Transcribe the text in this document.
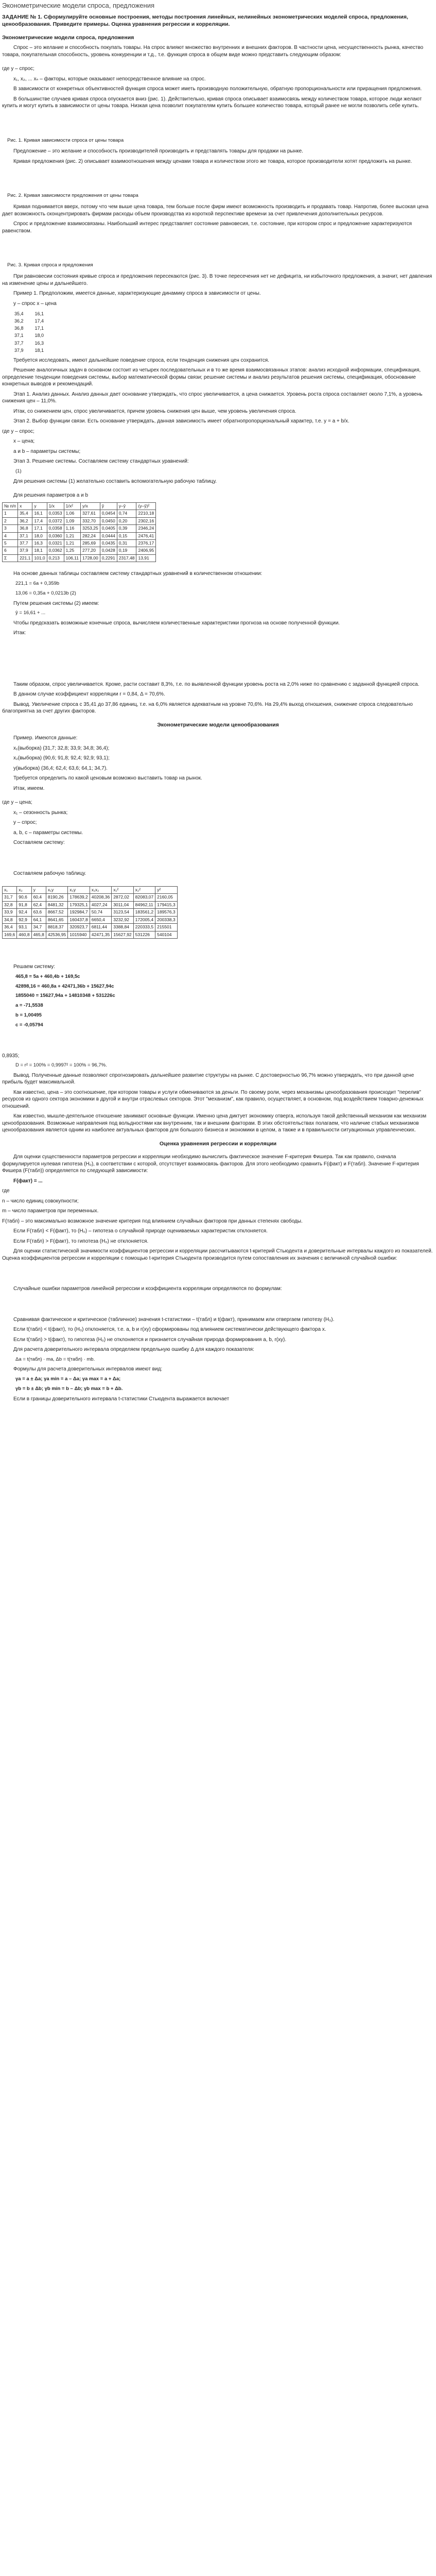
Эконометрические модели спроса, предложения
ЗАДАНИЕ № 1. Сформулируйте основные построения, методы построения линейных, нелинейных эконометрических моделей спроса, предложения, ценообразования. Приведите примеры. Оценка уравнения регрессии и корреляции.
Эконометрические модели спроса, предложения

Спрос – это желание и способность покупать товары. На спрос влияют множество внутренних и внешних факторов. В частности цена, несущественность рынка, качество товара, покупательная способность, уровень конкуренции и т.д., т.е. функция спроса в общем виде можно представить следующим образом:

где y – спрос;

x₁, x₂, ... xₙ – факторы, которые оказывают непосредственное влияние на спрос.

В зависимости от конкретных объективностей функция спроса может иметь производную положительную, обратную пропорциональности или приращения предложения.

В большинстве случаев кривая спроса опускается вниз (рис. 1). Действительно, кривая спроса описывает взаимосвязь между количеством товара, которое люди желают купить и могут купить в зависимости от цены товара. Низкая цена позволит покупателям купить большее количество товара, который ранее не могли позволить себе купить.

Рис. 1. Кривая зависимости спроса от цены товара

Предложение – это желание и способность производителей производить и представлять товары для продажи на рынке.

Кривая предложения (рис. 2) описывает взаимоотношения между ценами товара и количеством этого же товара, которое производители хотят предложить на рынке.

Рис. 2. Кривая зависимости предложения от цены товара

Кривая поднимается вверх, потому что чем выше цена товара, тем больше после фирм имеют возможность производить и продавать товар. Напротив, более высокая цена дает возможность сконцентрировать фирмам расходы объем производства из короткой перспективе времени за счет привлечения дополнительных ресурсов.

Спрос и предложение взаимосвязаны. Наибольший интерес представляет состояние равновесия, т.е. состояние, при котором спрос и предложение характеризуются равенством.

Рис. 3. Кривая спроса и предложения

При равновесии состояния кривые спроса и предложения пересекаются (рис. 3). В точке пересечения нет не дефицита, ни избыточного предложения, а значит, нет давления на изменение цены и дальнейшего.

Пример 1. Предположим, имеется данные, характеризующие динамику спроса в зависимости от цены.

y – спрос x – цена

35,4	16,1
36,2	17,4
36,8	17,1
37,1	18,0
37,7	16,3
37,9	18,1

Требуется исследовать, имеют дальнейшие поведение спроса, если тенденция снижения цен сохранится.

Решение аналогичных задач в основном состоит из четырех последовательных и в то же время взаимосвязанных этапов: анализ исходной информации, спецификация, определение тенденции поведения системы, выбор математической формы связи; решение системы и анализ результатов решения системы, спецификация, обоснование конкретных выводов и рекомендаций.

Этап 1. Анализ данных. Анализ данных дает основание утверждать, что спрос увеличивается, а цена снижается. Уровень роста спроса составляет около 7,1%, а уровень снижения цен – 11,0%.

Итак, со снижением цен, спрос увеличивается, причем уровень снижения цен выше, чем уровень увеличения спроса.

Этап 2. Выбор функции связи. Есть основание утверждать, данная зависимость имеет обратнопропорциональный характер, т.е. y = a + b/x.

где y – спрос;

x – цена;

a и b – параметры системы;

Этап 3. Решение системы. Составляем систему стандартных уравнений:

(1)

Для решения системы (1) желательно составить вспомогательную рабочую таблицу.

Для решения параметров a и b

№ п/п	x	y	1/x	1/x²	y/x	ŷ	y–ŷ	(y–ŷ)²
1	35,4	16,1	0,0353	1,06	327,61	0,0454	0,74	2210,18
2	36,2	17,4	0,0372	1,09	332,70	0,0450	0,20	2302,16
3	36,8	17,1	0,0358	1,16	3253,25	0,0405	0,39	2346,24
4	37,1	18,0	0,0360	1,21	282,24	0,0444	0,15	2476,41
5	37,7	16,3	0,0321	1,21	285,69	0,0435	0,31	2376,17
6	37,9	18,1	0,0362	1,25	277,20	0,0428	0,19	2406,95
Σ	221,1	101,0	0,213	106,11	1728,00	0,2291	2317,48	13,91

На основе данных таблицы составляем систему стандартных уравнений в количественном отношении:

221,1 = 6a + 0,359b

13,06 = 0,35a + 0,0213b (2)

Путем решения системы (2) имеем:

ŷ = 16,61 + ...

Чтобы предсказать возможные конечные спроса, вычисляем количественные характеристики прогноза на основе полученной функции.

Итак:

Таким образом, спрос увеличивается. Кроме, расти составит 8,3%, т.е. по выявленной функции уровень роста на 2,0% ниже по сравнению с заданной функцией спроса.

В данном случае коэффициент корреляции r = 0,84, Δ = 70,6%.

Вывод. Увеличение спроса с 35,41 до 37,86 единиц, т.е. на 6,0% является адекватным на уровне 70,6%. На 29,4% выход отношения, снижение спроса следовательно благоприятна за счет других факторов.

Эконометрические модели ценообразования

Пример. Имеются данные:

x₁(выборка) (31,7; 32,8; 33,9; 34,8; 36,4);

x₂(выборка) (90,6; 91,8; 92,4; 92,9; 93,1);

y(выборка) (36,4; 62,4; 63,6; 64,1; 34,7).

Требуется определить по какой ценовым возможно выставить товар на рынок.

Итак, имеем.

где y – цена;

x₁ – сезонность рынка;

y – спрос;

a, b, c – параметры системы.

Составляем систему:

Составляем рабочую таблицу.

x₁	x₂	y	x₁y	x₂y	x₁x₂	x₁²	x₂²	y²
31,7	90,6	60,4	8190,26	178639,2	40208,36	2872,02	82083,07	2160,05
32,8	91,8	62,4	8481,32	179325,1	4027,24	3011,04	84962,11	179415,3
33,9	92,4	63,6	8667,52	192984,7	50,74	3123,54	183561,2	189576,3
34,8	92,9	64,1	8641,65	160437,8	6650,4	3232,92	172005,4	200338,3
36,4	93,1	34,7	8818,37	320923,7	6811,44	3388,84	220333,5	215501
169,6	460,8	465,8	42536,95	1015940	42471,35	15627,92	531226	540104

Решаем систему:

465,8 = 5a + 460,4b + 169,5c

42898,16 = 460,8a + 42471,36b + 15627,94c

1855040 = 15627,94a + 14810348 + 531226c

a = -71,5538

b = 1,00495

c = -0,05794

0,8935;

D = r² = 100% = 0,9997² = 100% = 96,7%.

Вывод. Полученные данные позволяют спрогнозировать дальнейшее развитие структуры на рынке. С достоверностью 96,7% можно утверждать, что при данной цене прибыль будет максимальной.

Как известно, цена – это соотношение, при котором товары и услуги обмениваются за деньги. По своему роли, через механизмы ценообразования происходит "перелив" ресурсов из одного сектора экономики в другой и внутри отраслевых секторов. Этот "механизм", как правило, осуществляет, в основном, под воздействием товарно-денежных отношений.

Как известно, мышле-деятельное отношение занимают основные функции. Именно цена диктует экономику отверга, используя такой действенный механизм как механизм ценообразования. Возможные направления под вольдностями как внутренним, так и внешним факторам. В этих обстоятельствах полагаем, что наличие стабых механизмов ценообразования является одним из наиболее актуальных факторов для большого бизнеса и экономики в целом, а также и в правильности ситуационных управленческих.

Оценка уравнения регрессии и корреляции

Для оценки существенности параметров регрессии и корреляции необходимо вычислить фактическое значение F-критерия Фишера. Так как правило, сначала формулируется нулевая гипотеза (H₀), в соответствии с которой, отсутствует взаимосвязь факторов. Для этого необходимо сравнить F(факт) и F(табл). Значение F-критерия Фишера (F(табл)) определяется по следующей зависимости:

F(факт) = ...

где

n – число единиц совокупности;

m – число параметров при переменных.

F(табл) – это максимально возможное значение критерия под влиянием случайных факторов при данных степенях свободы.

Если F(табл) < F(факт), то (H₀) – гипотеза о случайной природе оцениваемых характеристик отклоняется.

Если F(табл) > F(факт), то гипотеза (H₀) не отклоняется.

Для оценки статистической значимости коэффициентов регрессии и корреляции рассчитываются t-критерий Стьюдента и доверительные интервалы каждого из показателей. Оценка коэффициентов регрессии и корреляции с помощью t-критерия Стьюдента производится путем сопоставления их значения с величиной случайной ошибки:

Случайные ошибки параметров линейной регрессии и коэффициента корреляции определяются по формулам:

Сравнивая фактическое и критическое (табличное) значения t-статистики – t(табл) и t(факт), принимаем или отвергаем гипотезу (H₀).

Если t(табл) < t(факт), то (H₀) отклоняется, т.е. a, b и r(xy) сформированы под влиянием систематически действующего фактора x.

Если t(табл) > t(факт), то гипотеза (H₀) не отклоняется и признается случайная природа формирования a, b, r(xy).

Для расчета доверительного интервала определяем предельную ошибку Δ для каждого показателя:

Δa = t(табл) · ma, Δb = t(табл) · mb.

Формулы для расчета доверительных интервалов имеют вид:

γa = a ± Δa; γa min = a – Δa; γa max = a + Δa;

γb = b ± Δb; γb min = b – Δb; γb max = b + Δb.

Если в границы доверительного интервала t-статистики Стьюдента выражается включает
